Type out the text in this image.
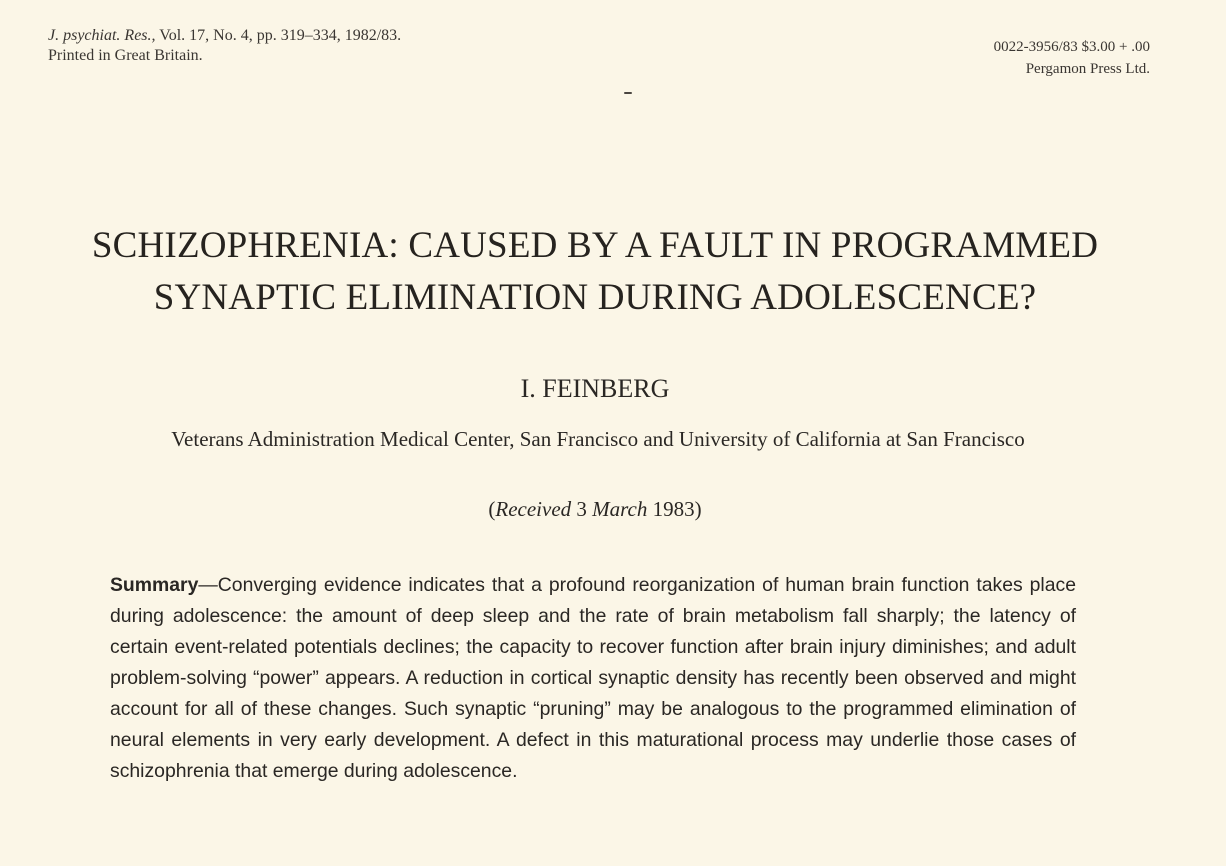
J. psychiat. Res., Vol. 17, No. 4, pp. 319–334, 1982/83.
Printed in Great Britain.	0022-3956/83 $3.00 + .00
Pergamon Press Ltd.
SCHIZOPHRENIA: CAUSED BY A FAULT IN PROGRAMMED
SYNAPTIC ELIMINATION DURING ADOLESCENCE?
I. FEINBERG
Veterans Administration Medical Center, San Francisco and University of California at San Francisco
(Received 3 March 1983)
Summary—Converging evidence indicates that a profound reorganization of human brain function takes place during adolescence: the amount of deep sleep and the rate of brain metabolism fall sharply; the latency of certain event-related potentials declines; the capacity to recover function after brain injury diminishes; and adult problem-solving “power” appears. A reduction in cortical synaptic density has recently been observed and might account for all of these changes. Such synaptic “pruning” may be analogous to the programmed elimination of neural elements in very early development. A defect in this maturational process may underlie those cases of schizophrenia that emerge during adolescence.
